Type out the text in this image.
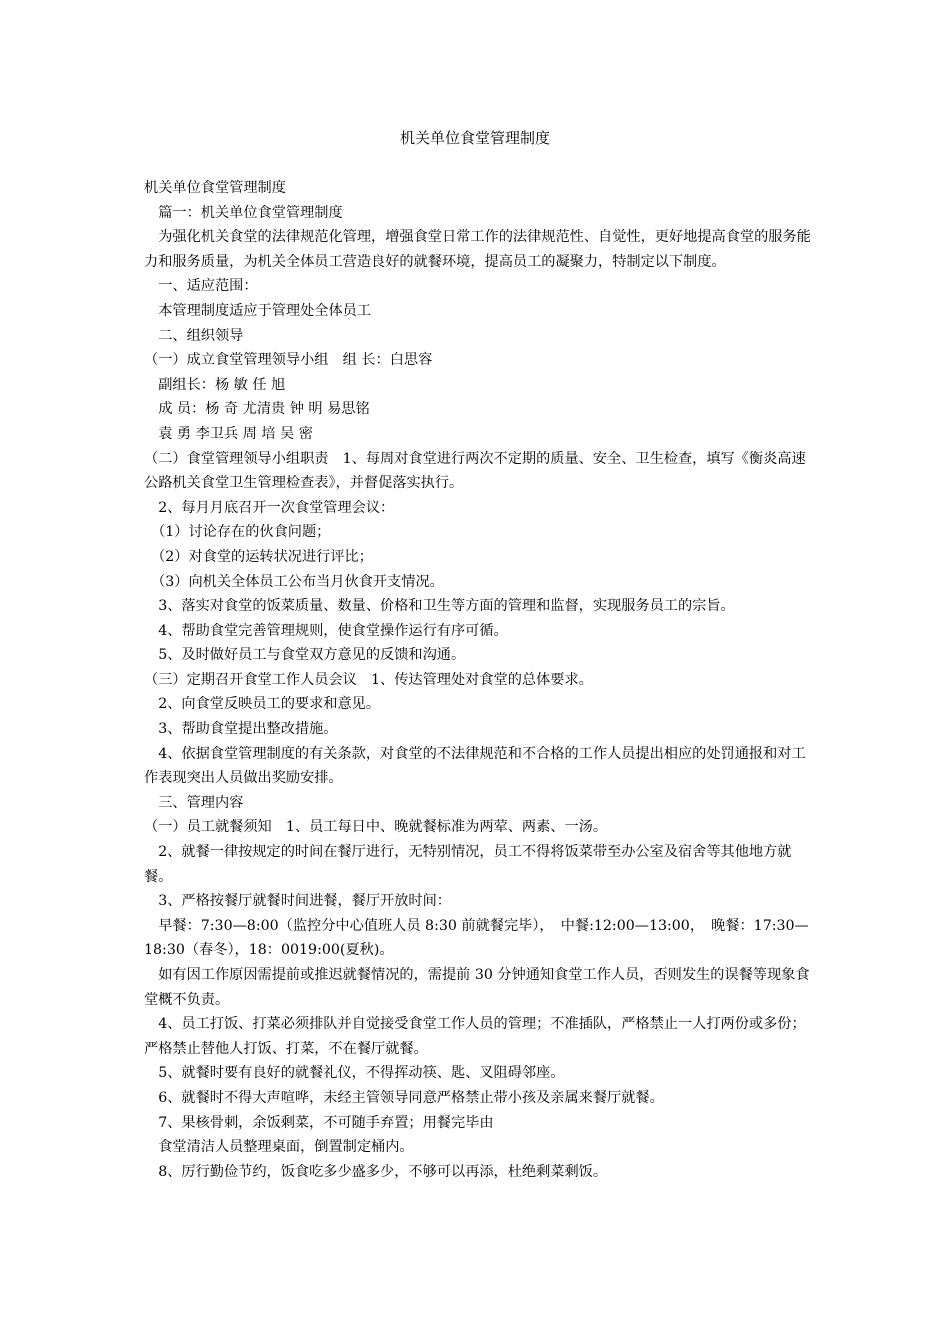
机关单位食堂管理制度

机关单位食堂管理制度

　篇一：机关单位食堂管理制度

　为强化机关食堂的法律规范化管理，增强食堂日常工作的法律规范性、自觉性，更好地提高食堂的服务能力和服务质量，为机关全体员工营造良好的就餐环境，提高员工的凝聚力，特制定以下制度。

　一、适应范围：

　本管理制度适应于管理处全体员工

　二、组织领导

（一）成立食堂管理领导小组　组 长：白思容

　副组长：杨 敏 任 旭

　成 员：杨 奇 尤清贵 钟 明 易思铭

　袁 勇 李卫兵 周 培 吴 密

（二）食堂管理领导小组职责　1、每周对食堂进行两次不定期的质量、安全、卫生检查，填写《衡炎高速公路机关食堂卫生管理检查表》，并督促落实执行。

　2、每月月底召开一次食堂管理会议：

　（1）讨论存在的伙食问题；

　（2）对食堂的运转状况进行评比；

　（3）向机关全体员工公布当月伙食开支情况。

　3、落实对食堂的饭菜质量、数量、价格和卫生等方面的管理和监督，实现服务员工的宗旨。

　4、帮助食堂完善管理规则，使食堂操作运行有序可循。

　5、及时做好员工与食堂双方意见的反馈和沟通。

（三）定期召开食堂工作人员会议　1、传达管理处对食堂的总体要求。

　2、向食堂反映员工的要求和意见。

　3、帮助食堂提出整改措施。

　4、依据食堂管理制度的有关条款，对食堂的不法律规范和不合格的工作人员提出相应的处罚通报和对工作表现突出人员做出奖励安排。

　三、管理内容

（一）员工就餐须知　1、员工每日中、晚就餐标准为两荤、两素、一汤。

　2、就餐一律按规定的时间在餐厅进行，无特别情况，员工不得将饭菜带至办公室及宿舍等其他地方就餐。

　3、严格按餐厅就餐时间进餐，餐厅开放时间：

　早餐：7:30—8:00（监控分中心值班人员 8:30 前就餐完毕），　中餐:12:00—13:00，　晚餐：17:30—18:30（春冬），18：0019:00(夏秋)。

　如有因工作原因需提前或推迟就餐情况的，需提前 30 分钟通知食堂工作人员，否则发生的误餐等现象食堂概不负责。

　4、员工打饭、打菜必须排队并自觉接受食堂工作人员的管理；不准插队，严格禁止一人打两份或多份；严格禁止替他人打饭、打菜，不在餐厅就餐。

　5、就餐时要有良好的就餐礼仪，不得挥动筷、匙、叉阻碍邻座。

　6、就餐时不得大声喧哗，未经主管领导同意严格禁止带小孩及亲属来餐厅就餐。

　7、果核骨刺，余饭剩菜，不可随手弃置；用餐完毕由

　食堂清洁人员整理桌面，倒置制定桶内。

　8、厉行勤俭节约，饭食吃多少盛多少，不够可以再添，杜绝剩菜剩饭。
